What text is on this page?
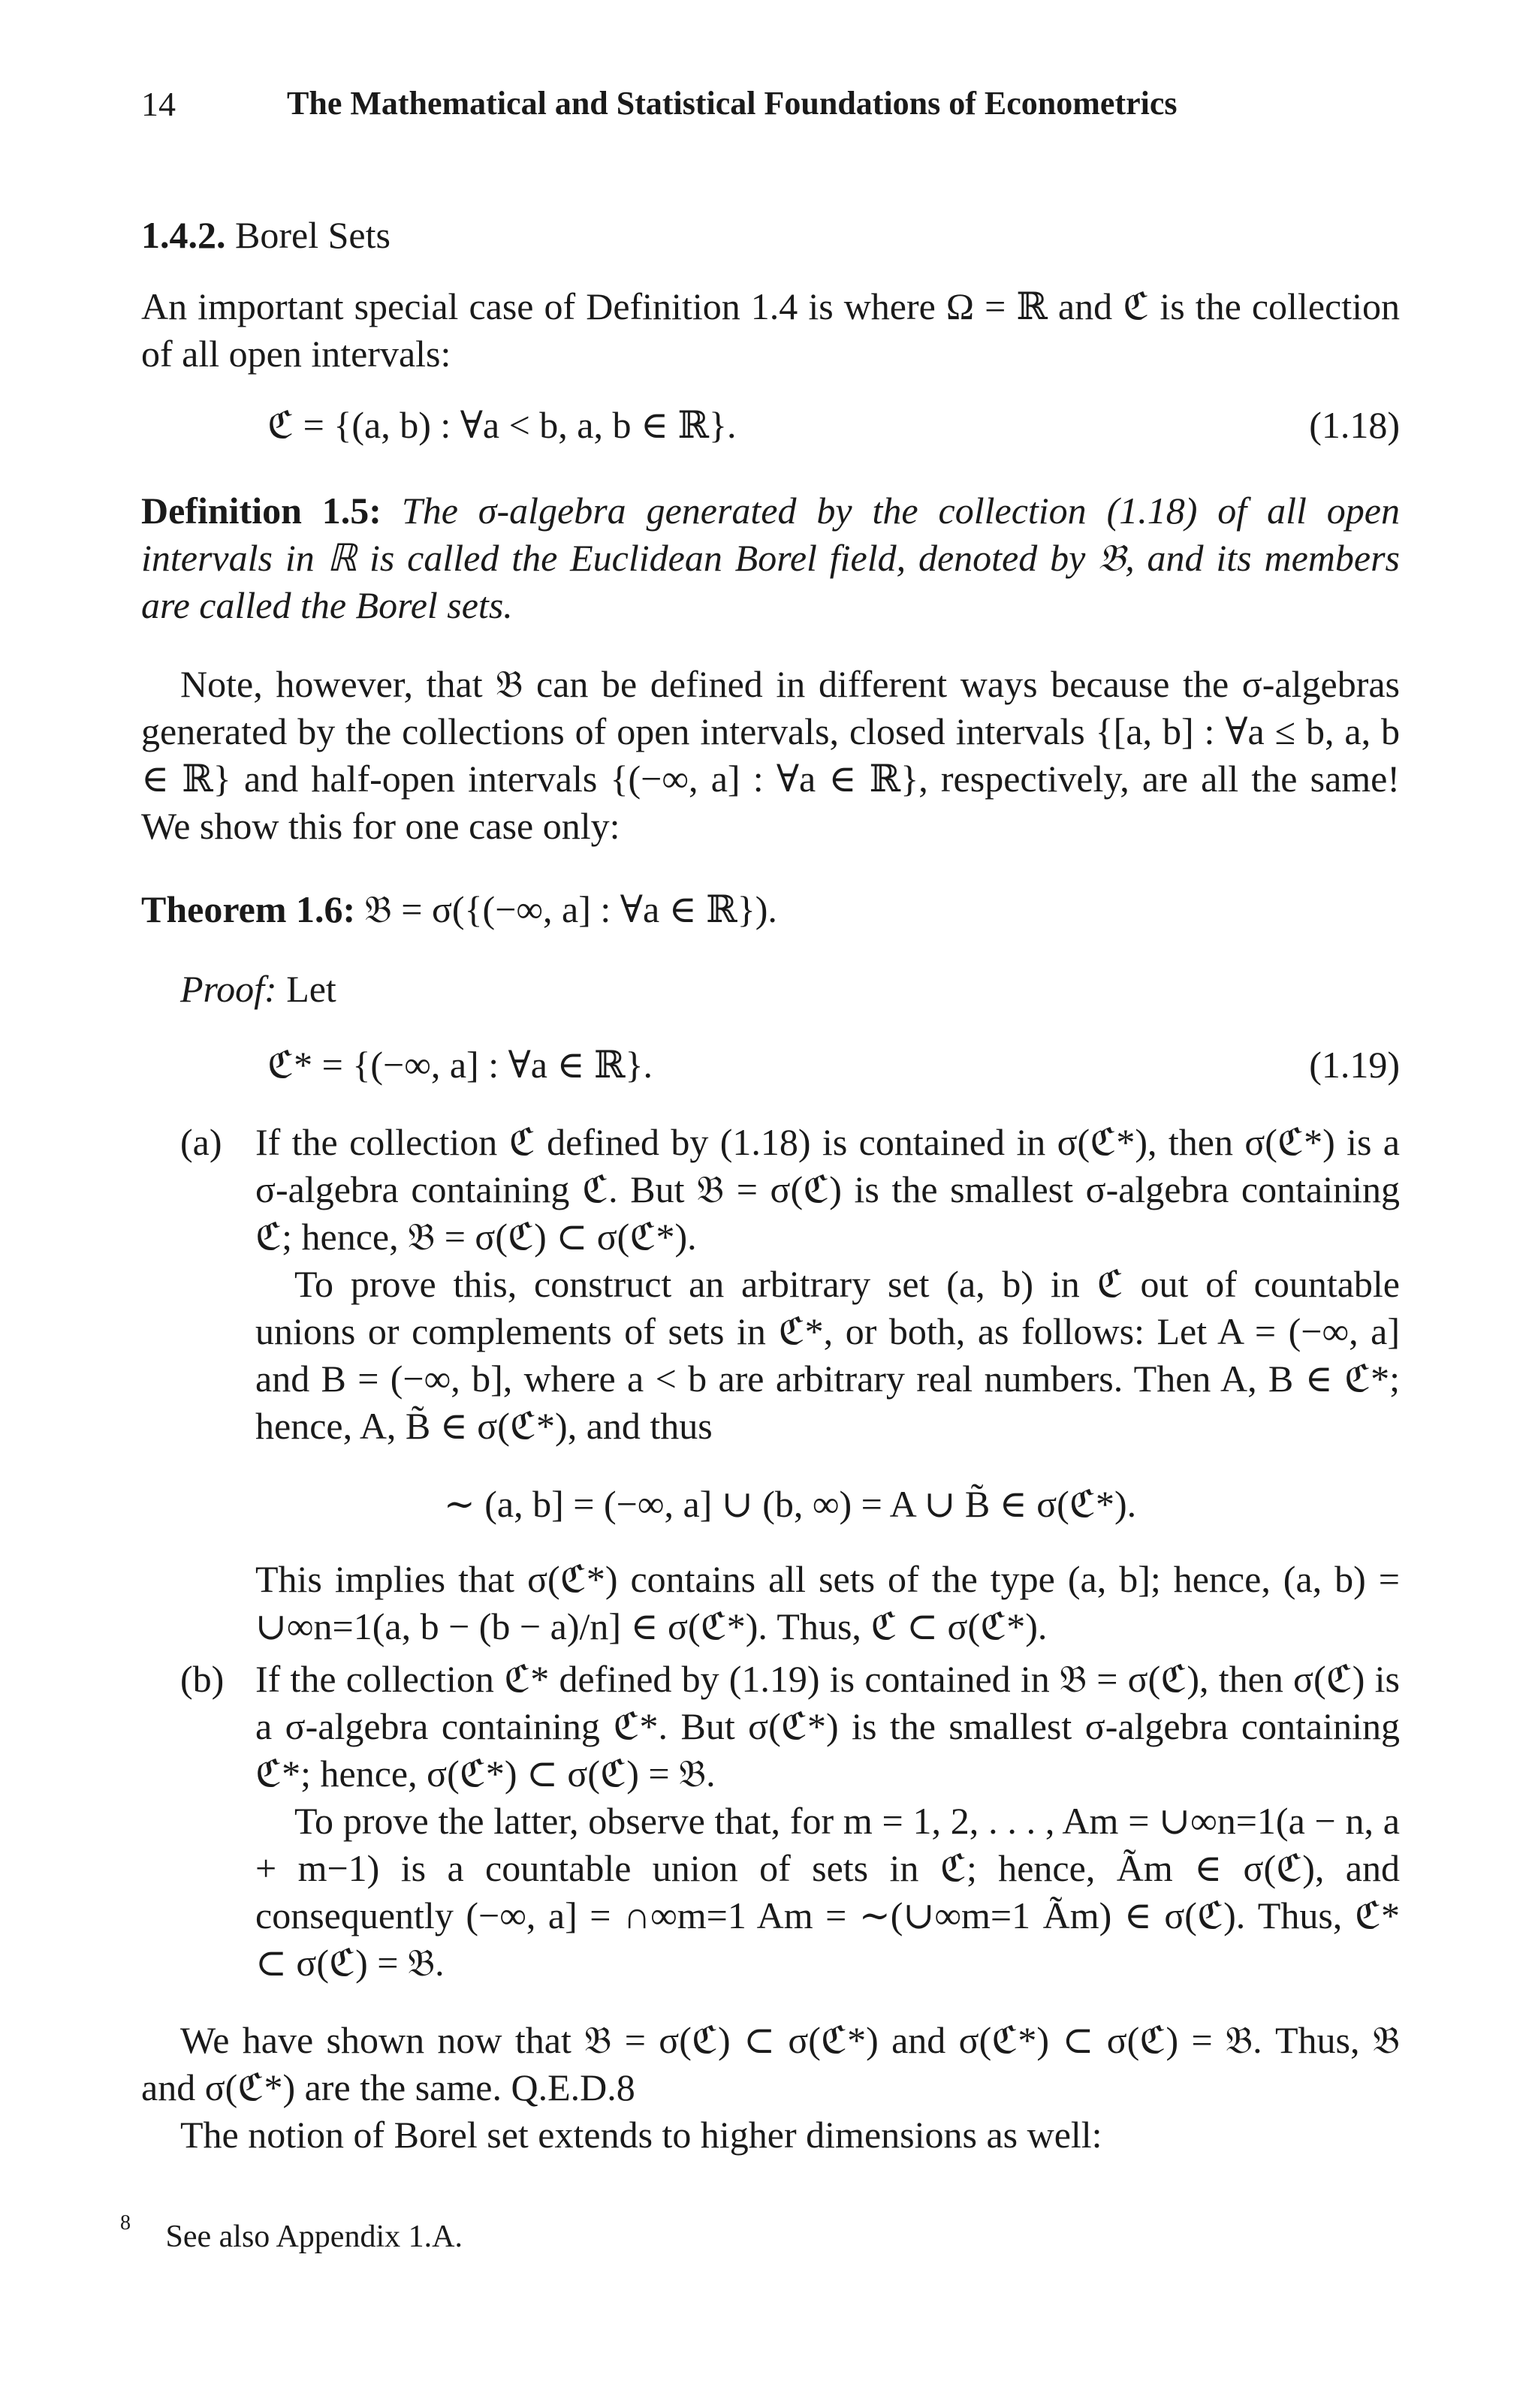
14	The Mathematical and Statistical Foundations of Econometrics
1.4.2. Borel Sets
An important special case of Definition 1.4 is where Ω = ℝ and ℭ is the collection of all open intervals:
ℭ = {(a, b) : ∀a < b, a, b ∈ ℝ}.	(1.18)
Definition 1.5: The σ-algebra generated by the collection (1.18) of all open intervals in ℝ is called the Euclidean Borel field, denoted by 𝔅, and its members are called the Borel sets.
Note, however, that 𝔅 can be defined in different ways because the σ-algebras generated by the collections of open intervals, closed intervals {[a, b] : ∀a ≤ b, a, b ∈ ℝ} and half-open intervals {(−∞, a] : ∀a ∈ ℝ}, respectively, are all the same! We show this for one case only:
Theorem 1.6: 𝔅 = σ({(−∞, a] : ∀a ∈ ℝ}).
Proof: Let
ℭ* = {(−∞, a] : ∀a ∈ ℝ}.	(1.19)
(a) If the collection ℭ defined by (1.18) is contained in σ(ℭ*), then σ(ℭ*) is a σ-algebra containing ℭ. But 𝔅 = σ(ℭ) is the smallest σ-algebra containing ℭ; hence, 𝔅 = σ(ℭ) ⊂ σ(ℭ*).
To prove this, construct an arbitrary set (a, b) in ℭ out of countable unions or complements of sets in ℭ*, or both, as follows: Let A = (−∞, a] and B = (−∞, b], where a < b are arbitrary real numbers. Then A, B ∈ ℭ*; hence, A, B̃ ∈ σ(ℭ*), and thus
∼ (a, b] = (−∞, a] ∪ (b, ∞) = A ∪ B̃ ∈ σ(ℭ*).
This implies that σ(ℭ*) contains all sets of the type (a, b]; hence, (a, b) = ∪∞n=1(a, b − (b − a)/n] ∈ σ(ℭ*). Thus, ℭ ⊂ σ(ℭ*).
(b) If the collection ℭ* defined by (1.19) is contained in 𝔅 = σ(ℭ), then σ(ℭ) is a σ-algebra containing ℭ*. But σ(ℭ*) is the smallest σ-algebra containing ℭ*; hence, σ(ℭ*) ⊂ σ(ℭ) = 𝔅.
To prove the latter, observe that, for m = 1, 2, . . . , Am = ∪∞n=1(a − n, a + m−1) is a countable union of sets in ℭ; hence, Ãm ∈ σ(ℭ), and consequently (−∞, a] = ∩∞m=1 Am = ∼(∪∞m=1 Ãm) ∈ σ(ℭ). Thus, ℭ* ⊂ σ(ℭ) = 𝔅.
We have shown now that 𝔅 = σ(ℭ) ⊂ σ(ℭ*) and σ(ℭ*) ⊂ σ(ℭ) = 𝔅. Thus, 𝔅 and σ(ℭ*) are the same. Q.E.D.8
The notion of Borel set extends to higher dimensions as well:
8 See also Appendix 1.A.
